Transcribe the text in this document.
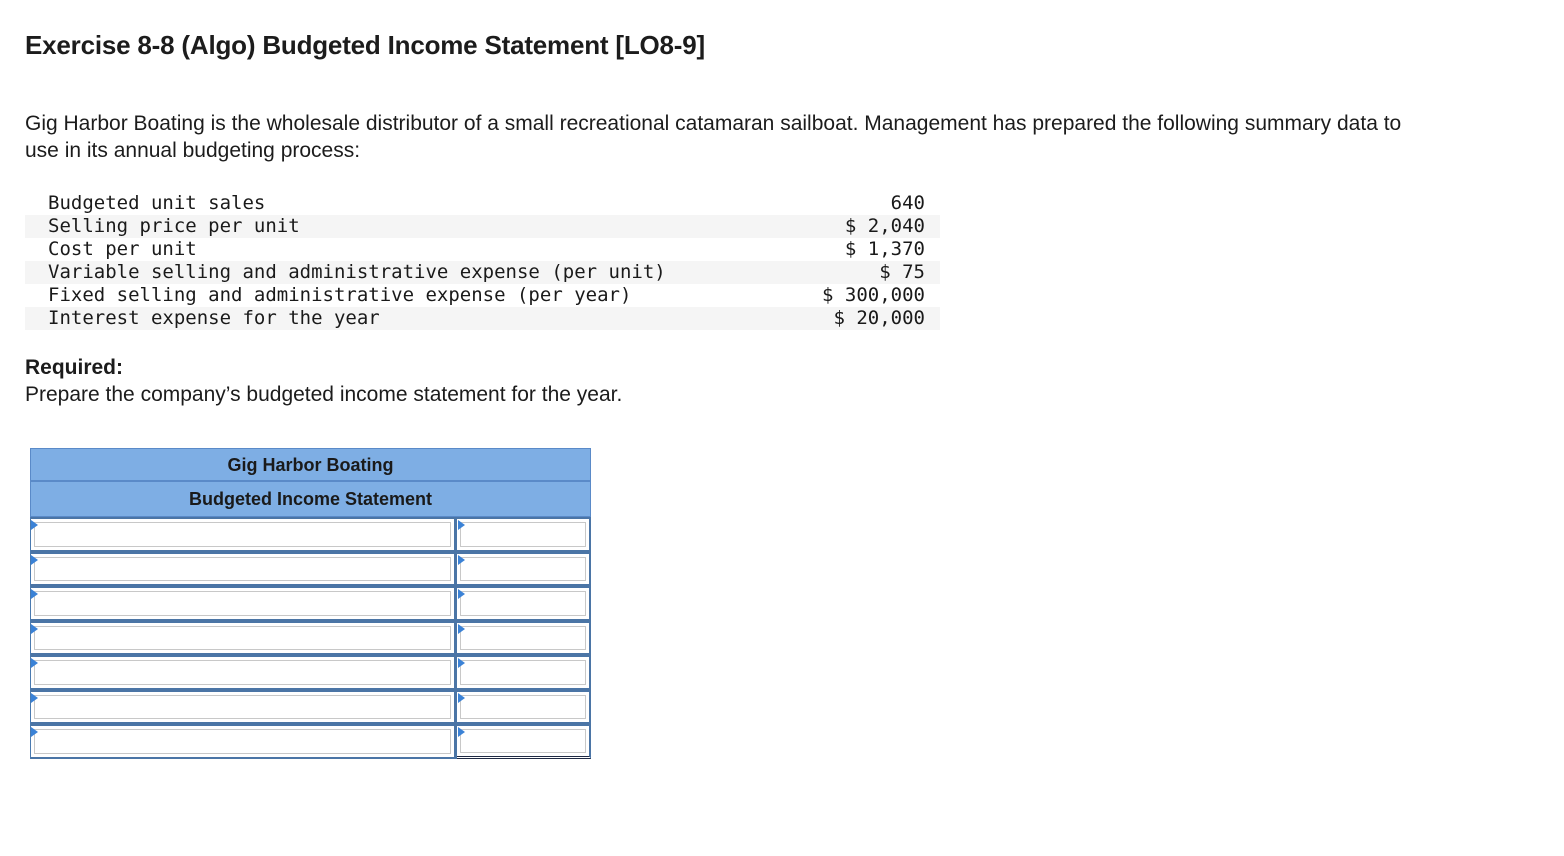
Exercise 8-8 (Algo) Budgeted Income Statement [LO8-9]

Gig Harbor Boating is the wholesale distributor of a small recreational catamaran sailboat. Management has prepared the following summary data to use in its annual budgeting process:

Budgeted unit sales	640
Selling price per unit	$ 2,040
Cost per unit	$ 1,370
Variable selling and administrative expense (per unit)	$ 75
Fixed selling and administrative expense (per year)	$ 300,000
Interest expense for the year	$ 20,000
Required:

Prepare the company’s budgeted income statement for the year.

Gig Harbor Boating
Budgeted Income Statement
